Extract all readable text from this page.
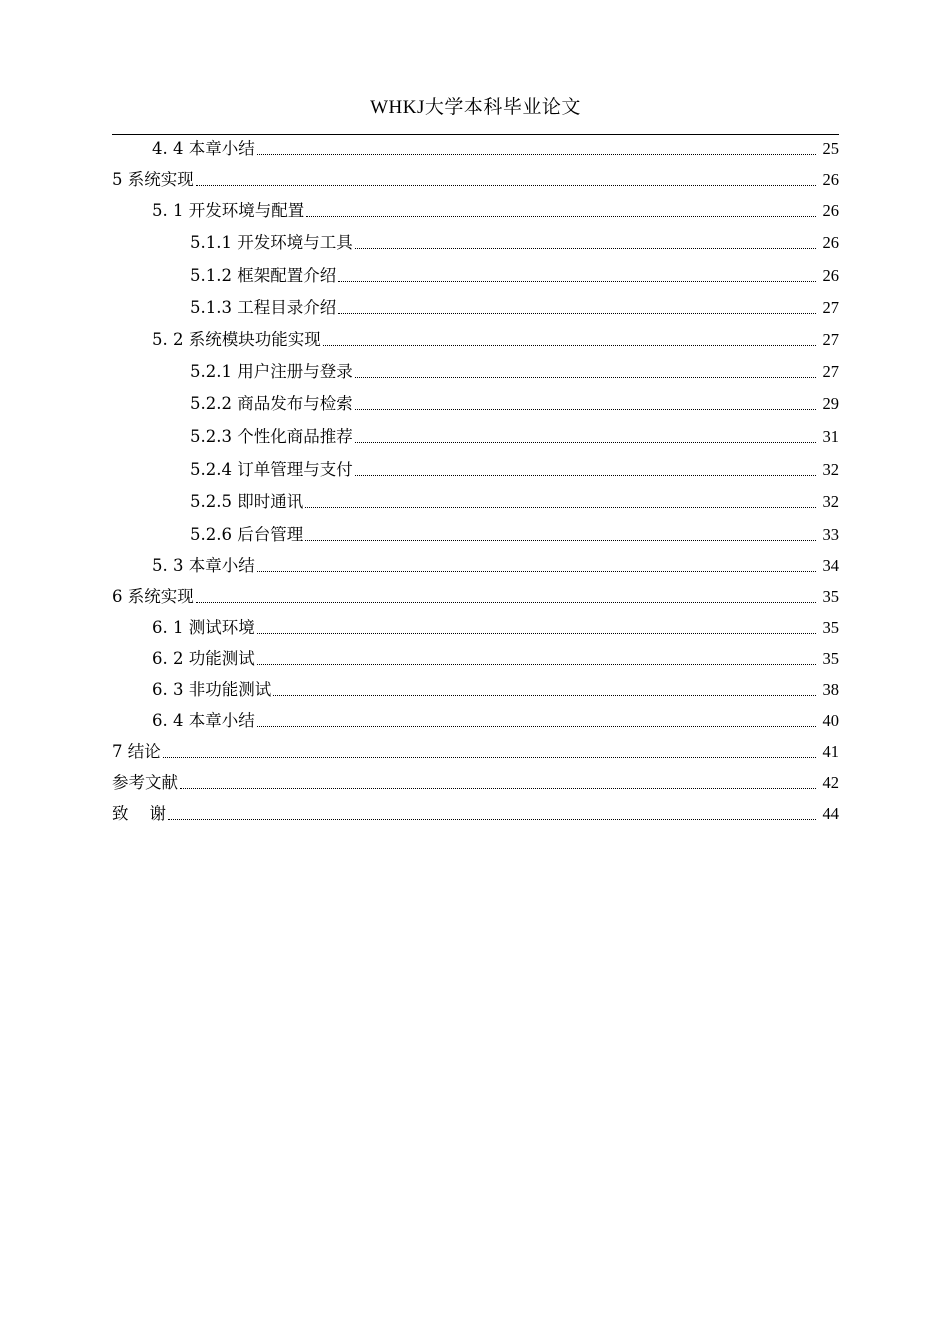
WHKJ大学本科毕业论文
4. 4 本章小结	25
5 系统实现	26
5. 1 开发环境与配置	26
5.1.1 开发环境与工具	26
5.1.2 框架配置介绍	26
5.1.3 工程目录介绍	27
5. 2 系统模块功能实现	27
5.2.1 用户注册与登录	27
5.2.2 商品发布与检索	29
5.2.3 个性化商品推荐	31
5.2.4 订单管理与支付	32
5.2.5 即时通讯	32
5.2.6 后台管理	33
5. 3 本章小结	34
6 系统实现	35
6. 1 测试环境	35
6. 2 功能测试	35
6. 3 非功能测试	38
6. 4 本章小结	40
7 结论	41
参考文献	42
致    谢	44
